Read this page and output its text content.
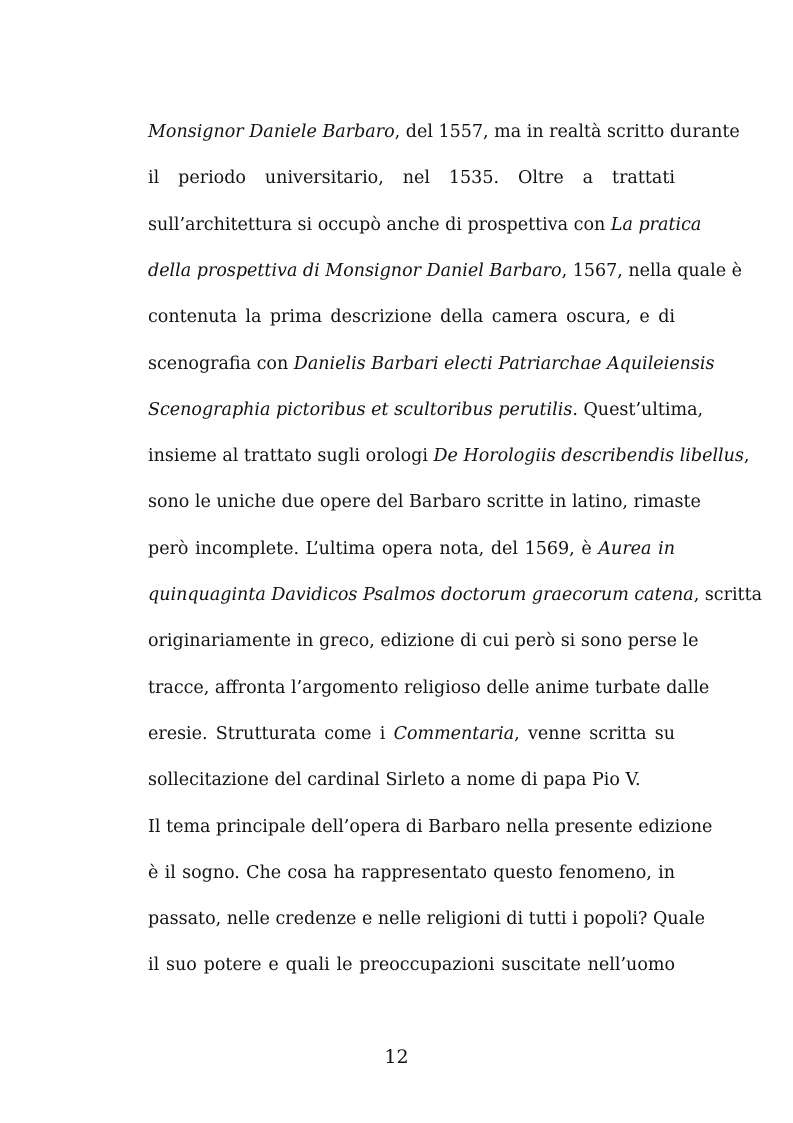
Monsignor Daniele Barbaro, del 1557, ma in realtà scritto durante
il periodo universitario, nel 1535. Oltre a trattati
sull’architettura si occupò anche di prospettiva con La pratica
della prospettiva di Monsignor Daniel Barbaro, 1567, nella quale è
contenuta la prima descrizione della camera oscura, e di
scenografia con Danielis Barbari electi Patriarchae Aquileiensis
Scenographia pictoribus et scultoribus perutilis. Quest’ultima,
insieme al trattato sugli orologi De Horologiis describendis libellus,
sono le uniche due opere del Barbaro scritte in latino, rimaste
però incomplete. L’ultima opera nota, del 1569, è Aurea in
quinquaginta Davidicos Psalmos doctorum graecorum catena, scritta
originariamente in greco, edizione di cui però si sono perse le
tracce, affronta l’argomento religioso delle anime turbate dalle
eresie. Strutturata come i Commentaria, venne scritta su
sollecitazione del cardinal Sirleto a nome di papa Pio V.
Il tema principale dell’opera di Barbaro nella presente edizione
è il sogno. Che cosa ha rappresentato questo fenomeno, in
passato, nelle credenze e nelle religioni di tutti i popoli? Quale
il suo potere e quali le preoccupazioni suscitate nell’uomo
12
